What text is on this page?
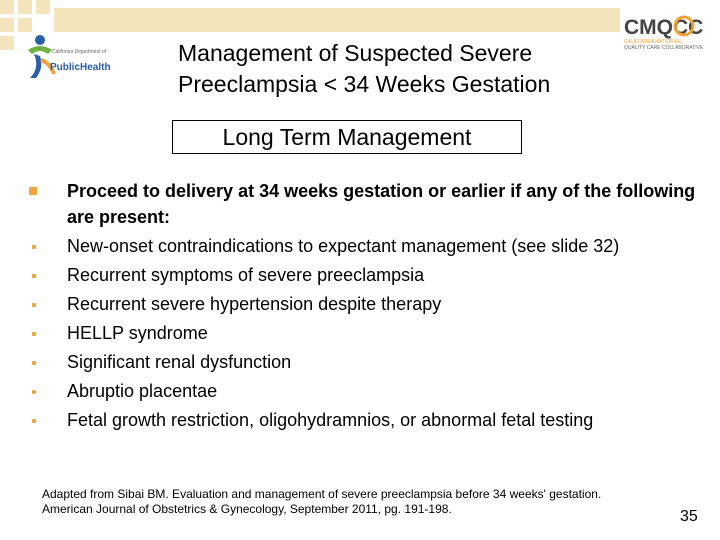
California Department of
PublicHealth
CMQCC
CALIFORNIA MATERNAL
QUALITY CARE COLLABORATIVE
Management of Suspected Severe
Preeclampsia < 34 Weeks Gestation
Long Term Management
Proceed to delivery at 34 weeks gestation or earlier if any of the following are present:
New-onset contraindications to expectant management (see slide 32)
Recurrent symptoms of severe preeclampsia
Recurrent severe hypertension despite therapy
HELLP syndrome
Significant renal dysfunction
Abruptio placentae
Fetal growth restriction, oligohydramnios, or abnormal fetal testing
Adapted from Sibai BM. Evaluation and management of severe preeclampsia before 34 weeks' gestation. American Journal of Obstetrics & Gynecology, September 2011, pg. 191-198.	35
